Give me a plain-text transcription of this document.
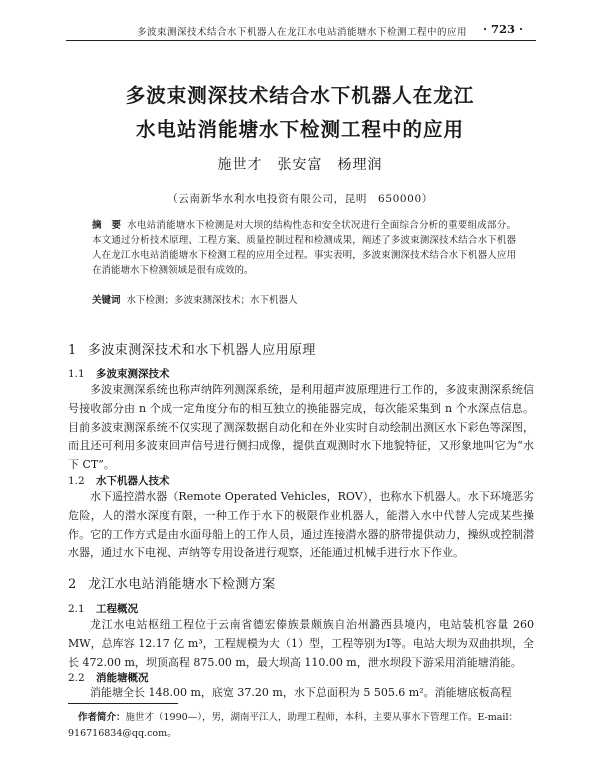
多波束测深技术结合水下机器人在龙江水电站消能塘水下检测工程中的应用	· 723 ·
多波束测深技术结合水下机器人在龙江
水电站消能塘水下检测工程中的应用
施世才　张安富　杨理润
（云南新华水利水电投资有限公司，昆明　650000）
摘　要 水电站消能塘水下检测是对大坝的结构性态和安全状况进行全面综合分析的重要组成部分。本文通过分析技术原理、工程方案、质量控制过程和检测成果，阐述了多波束测深技术结合水下机器人在龙江水电站消能塘水下检测工程的应用全过程。事实表明，多波束测深技术结合水下机器人应用在消能塘水下检测领域是很有成效的。
关键词 水下检测；多波束测深技术；水下机器人
1 多波束测深技术和水下机器人应用原理
1.1 多波束测深技术
多波束测深系统也称声纳阵列测深系统，是利用超声波原理进行工作的，多波束测深系统信号接收部分由 n 个成一定角度分布的相互独立的换能器完成，每次能采集到 n 个水深点信息。目前多波束测深系统不仅实现了测深数据自动化和在外业实时自动绘制出测区水下彩色等深图，而且还可利用多波束回声信号进行侧扫成像，提供直观测时水下地貌特征，又形象地叫它为“水下 CT”。
1.2 水下机器人技术
水下遥控潜水器（Remote Operated Vehicles，ROV），也称水下机器人。水下环境恶劣危险，人的潜水深度有限，一种工作于水下的极限作业机器人，能潜入水中代替人完成某些操作。它的工作方式是由水面母船上的工作人员，通过连接潜水器的脐带提供动力，操纵或控制潜水器，通过水下电视、声纳等专用设备进行观察，还能通过机械手进行水下作业。
2 龙江水电站消能塘水下检测方案
2.1 工程概况
龙江水电站枢纽工程位于云南省德宏傣族景颇族自治州潞西县境内，电站装机容量 260 MW，总库容 12.17 亿 m³，工程规模为大（1）型，工程等别为Ⅰ等。电站大坝为双曲拱坝，全长 472.00 m，坝顶高程 875.00 m，最大坝高 110.00 m，泄水坝段下游采用消能塘消能。
2.2 消能塘概况
消能塘全长 148.00 m，底宽 37.20 m，水下总面积为 5 505.6 m²。消能塘底板高程
作者简介：施世才（1990—），男，湖南平江人，助理工程师，本科，主要从事水下管理工作。E-mail：916716834@qq.com。
